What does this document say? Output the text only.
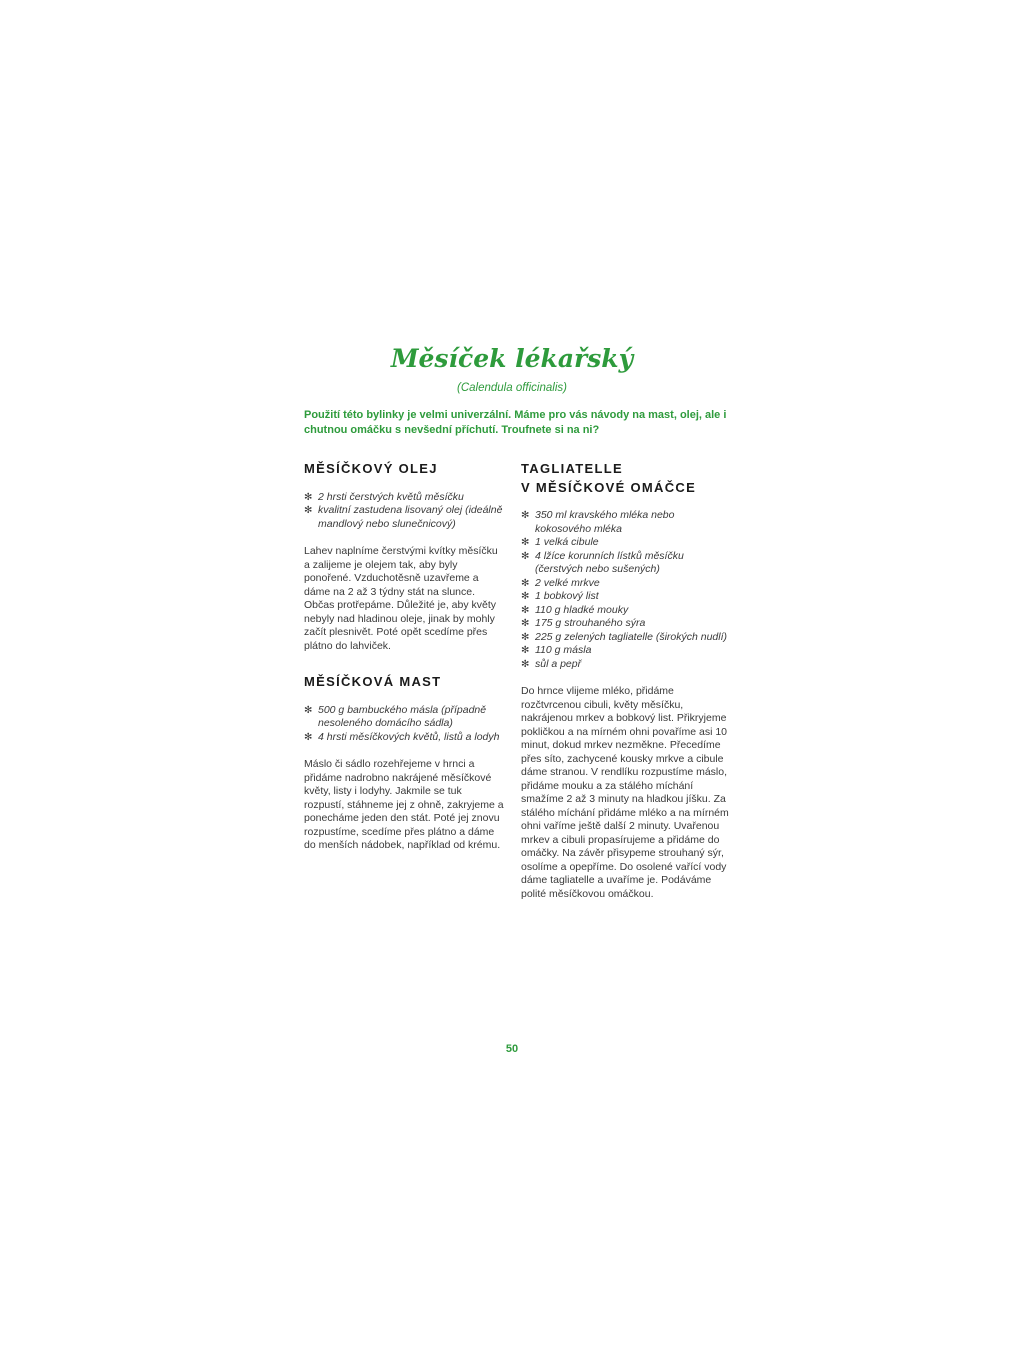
Měsíček lékařský
(Calendula officinalis)
Použití této bylinky je velmi univerzální. Máme pro vás návody na mast, olej, ale i chutnou omáčku s nevšední příchutí. Troufnete si na ni?
MĚSÍČKOVÝ OLEJ
✻ 2 hrsti čerstvých květů měsíčku
✻ kvalitní zastudena lisovaný olej (ideálně mandlový nebo slunečnicový)

Lahev naplníme čerstvými kvítky měsíčku a zalijeme je olejem tak, aby byly ponořené. Vzduchotěsně uzavřeme a dáme na 2 až 3 týdny stát na slunce. Občas protřepáme. Důležité je, aby květy nebyly nad hladinou oleje, jinak by mohly začít plesnivět. Poté opět scedíme přes plátno do lahviček.

MĚSÍČKOVÁ MAST
✻ 500 g bambuckého másla (případně nesoleného domácího sádla)
✻ 4 hrsti měsíčkových květů, listů a lodyh

Máslo či sádlo rozehřejeme v hrnci a přidáme nadrobno nakrájené měsíčkové květy, listy i lodyhy. Jakmile se tuk rozpustí, stáhneme jej z ohně, zakryjeme a ponecháme jeden den stát. Poté jej znovu rozpustíme, scedíme přes plátno a dáme do menších nádobek, například od krému.

TAGLIATELLE
V MĚSÍČKOVÉ OMÁČCE
✻ 350 ml kravského mléka nebo kokosového mléka
✻ 1 velká cibule
✻ 4 lžíce korunních lístků měsíčku (čerstvých nebo sušených)
✻ 2 velké mrkve
✻ 1 bobkový list
✻ 110 g hladké mouky
✻ 175 g strouhaného sýra
✻ 225 g zelených tagliatelle (širokých nudlí)
✻ 110 g másla
✻ sůl a pepř

Do hrnce vlijeme mléko, přidáme rozčtvrcenou cibuli, květy měsíčku, nakrájenou mrkev a bobkový list. Přikryjeme pokličkou a na mírném ohni povaříme asi 10 minut, dokud mrkev nezměkne. Přecedíme přes síto, zachycené kousky mrkve a cibule dáme stranou. V rendlíku rozpustíme máslo, přidáme mouku a za stálého míchání smažíme 2 až 3 minuty na hladkou jíšku. Za stálého míchání přidáme mléko a na mírném ohni vaříme ještě další 2 minuty. Uvařenou mrkev a cibuli propasírujeme a přidáme do omáčky. Na závěr přisypeme strouhaný sýr, osolíme a opepříme. Do osolené vařící vody dáme tagliatelle a uvaříme je. Podáváme polité měsíčkovou omáčkou.

50
